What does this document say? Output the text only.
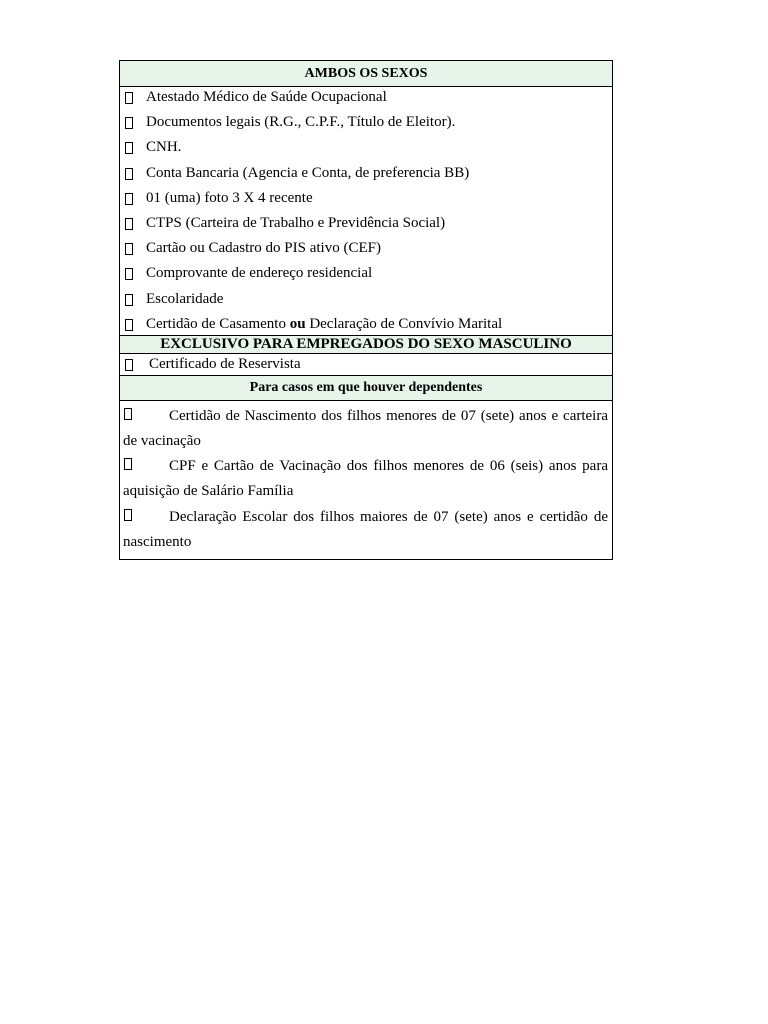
AMBOS OS SEXOS
Atestado Médico de Saúde Ocupacional
Documentos legais (R.G., C.P.F., Título de Eleitor).
CNH.
Conta Bancaria (Agencia e Conta, de preferencia BB)
01 (uma) foto 3 X 4 recente
CTPS (Carteira de Trabalho e Previdência Social)
Cartão ou Cadastro do PIS ativo (CEF)
Comprovante de endereço residencial
Escolaridade
Certidão de Casamento ou Declaração de Convívio Marital
EXCLUSIVO PARA EMPREGADOS DO SEXO MASCULINO
Certificado de Reservista
Para casos em que houver dependentes
Certidão de Nascimento dos filhos menores de 07 (sete) anos e carteira de vacinação
CPF e Cartão de Vacinação dos filhos menores de 06 (seis) anos para aquisição de Salário Família
Declaração Escolar dos filhos maiores de 07 (sete) anos e certidão de nascimento
